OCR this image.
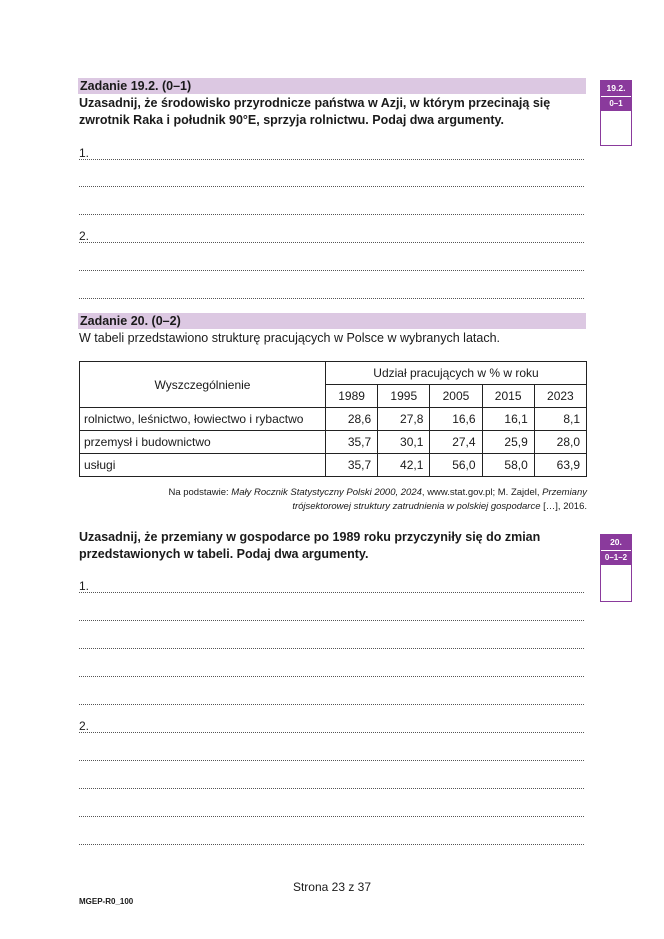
Zadanie 19.2. (0–1)
Uzasadnij, że środowisko przyrodnicze państwa w Azji, w którym przecinają się zwrotnik Raka i południk 90°E, sprzyja rolnictwu. Podaj dwa argumenty.
1.
2.
19.2.
0–1
Zadanie 20. (0–2)
W tabeli przedstawiono strukturę pracujących w Polsce w wybranych latach.
Wyszczególnienie	Udział pracujących w % w roku				
	1989	1995	2005	2015	2023
rolnictwo, leśnictwo, łowiectwo i rybactwo	28,6	27,8	16,6	16,1	8,1
przemysł i budownictwo	35,7	30,1	27,4	25,9	28,0
usługi	35,7	42,1	56,0	58,0	63,9
Na podstawie: Mały Rocznik Statystyczny Polski 2000, 2024, www.stat.gov.pl; M. Zajdel, Przemiany
trójsektorowej struktury zatrudnienia w polskiej gospodarce […], 2016.
Uzasadnij, że przemiany w gospodarce po 1989 roku przyczyniły się do zmian przedstawionych w tabeli. Podaj dwa argumenty.
1.
2.
20.
0–1–2
Strona 23 z 37
MGEP-R0_100
